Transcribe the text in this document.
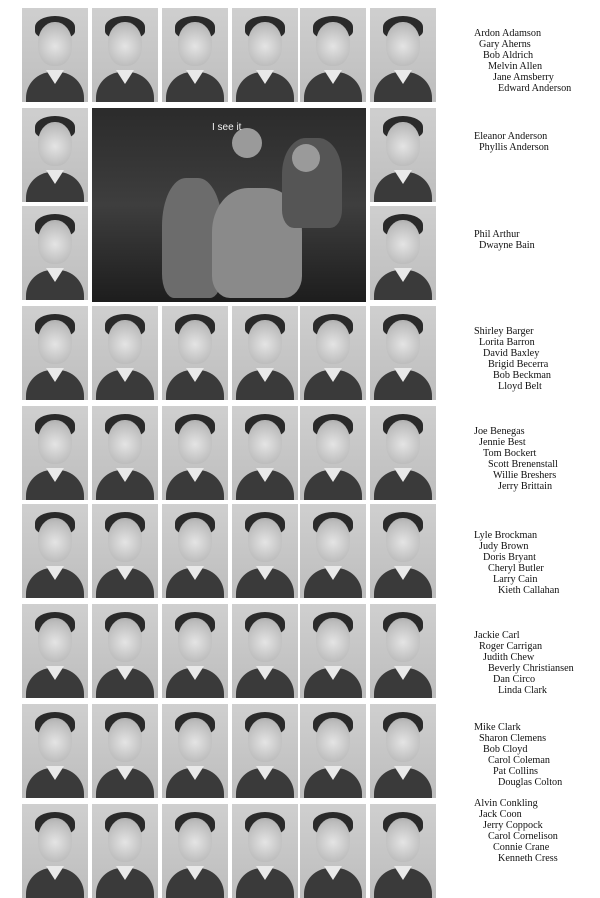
I see it
Ardon Adamson
Gary Aherns
Bob Aldrich
Melvin Allen
Jane Amsberry
Edward Anderson
Eleanor Anderson
Phyllis Anderson
Phil Arthur
Dwayne Bain
Shirley Barger
Lorita Barron
David Baxley
Brigid Becerra
Bob Beckman
Lloyd Belt
Joe Benegas
Jennie Best
Tom Bockert
Scott Brenenstall
Willie Breshers
Jerry Brittain
Lyle Brockman
Judy Brown
Doris Bryant
Cheryl Butler
Larry Cain
Kieth Callahan
Jackie Carl
Roger Carrigan
Judith Chew
Beverly Christiansen
Dan Circo
Linda Clark
Mike Clark
Sharon Clemens
Bob Cloyd
Carol Coleman
Pat Collins
Douglas Colton
Alvin Conkling
Jack Coon
Jerry Coppock
Carol Cornelison
Connie Crane
Kenneth Cress
